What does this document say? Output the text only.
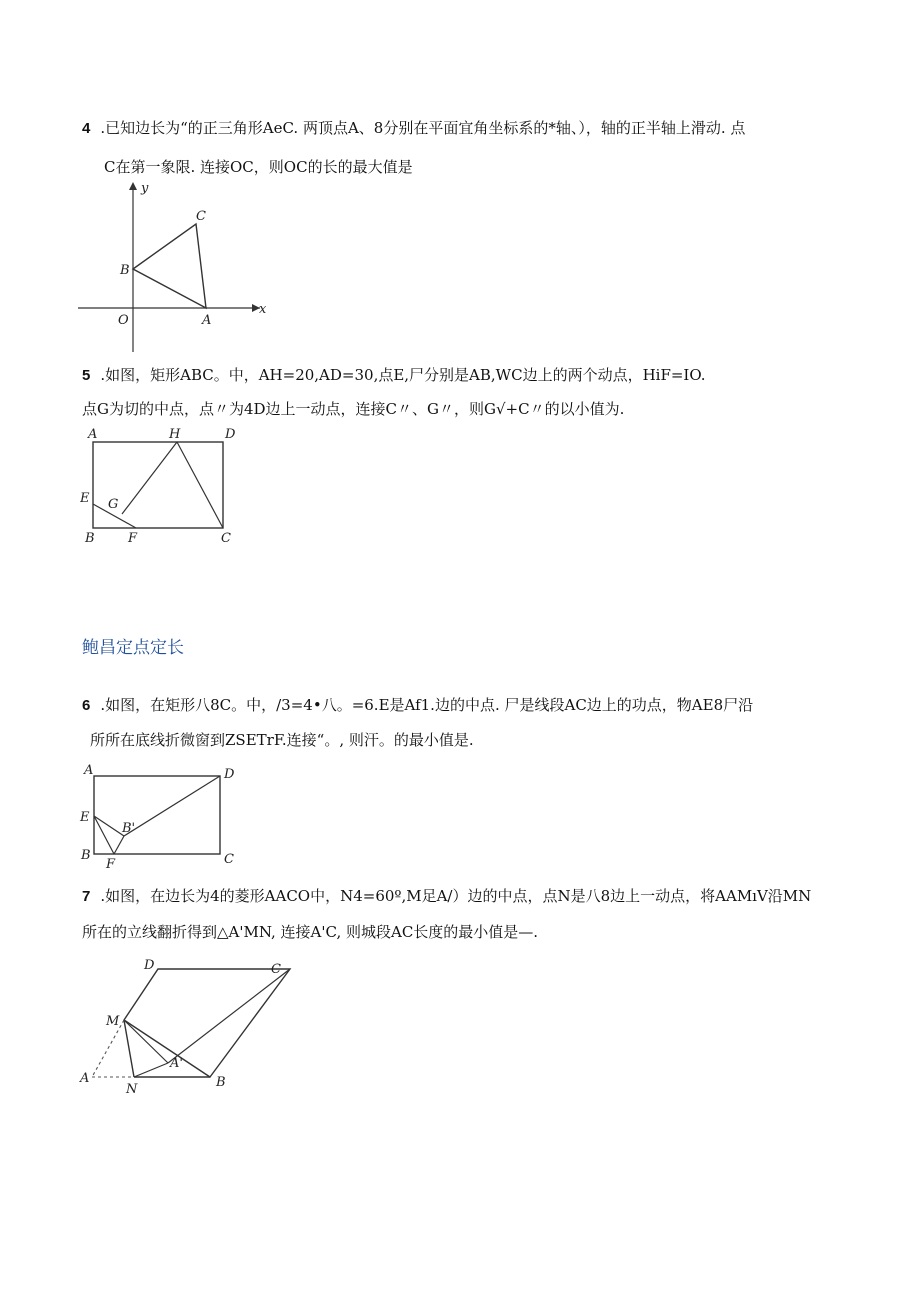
4 .已知边长为“的正三角形AeC. 两顶点A、8分别在平面宜角坐标系的*轴、），轴的正半轴上滑动. 点
C在第一象限. 连接OC，则OC的长的最大值是
y
x
O	A
B
C
5 .如图，矩形ABC。中，AH=20,AD=30,点E,尸分别是AB,WC边上的两个动点，HiF=IO.
点G为切的中点，点〃为4D边上一动点，连接C〃、G〃，则G√+C〃的以小值为.
A	H	D
E G
B	F	C
鲍昌定点定长
6 .如图，在矩形八8C。中，/3=4•八。=6.E是Af1.边的中点. 尸是线段AC边上的功点，物AE8尸沿
所所在底线折微窗到ZSETrF.连接“。, 则汗。的最小值是.
A	D
E
B'
B
F	C
7 .如图，在边长为4的菱形AACO中，N4=60º,M足A/）边的中点，点N是八8边上一动点，将AAMıV沿MN
所在的立线翻折得到△A'MN, 连接A'C, 则城段AC长度的最小值是—.
D	C
M
A'
A
N	B
